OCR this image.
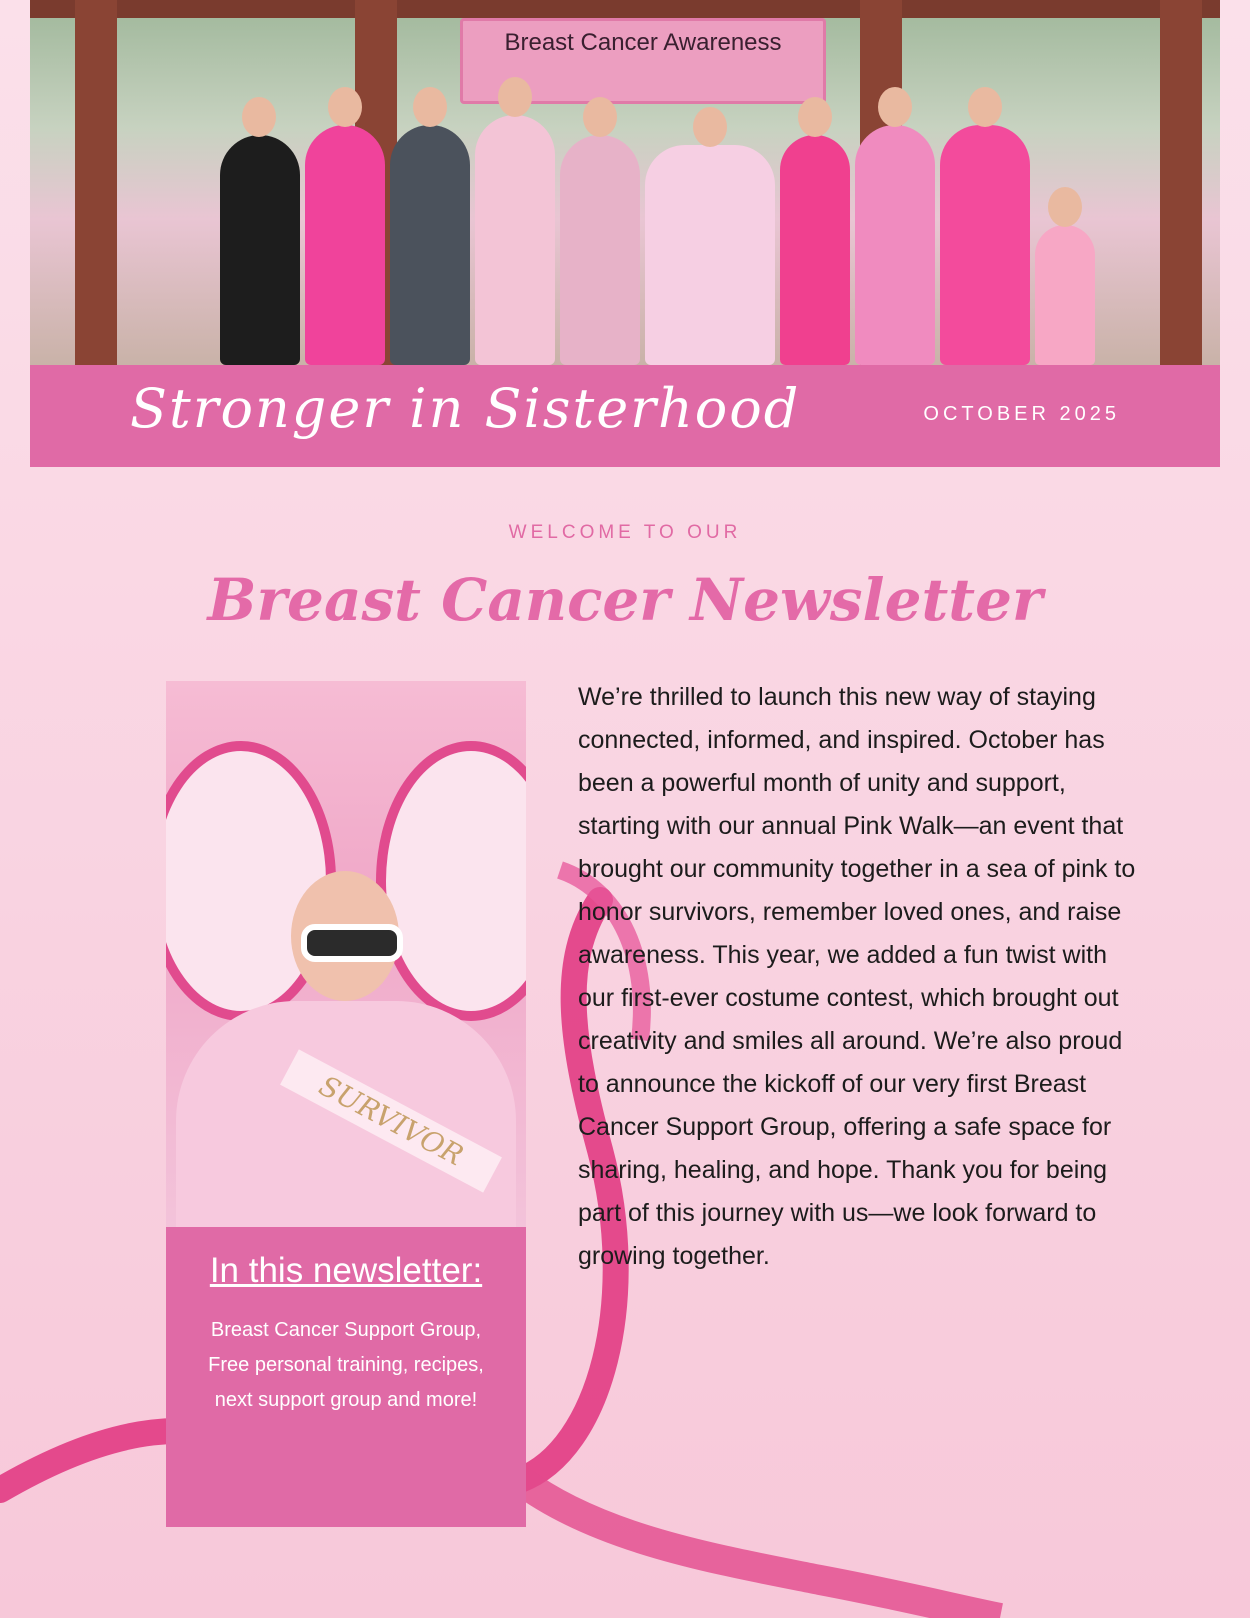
Breast Cancer Awareness
Stronger in Sisterhood	OCTOBER 2025
WELCOME TO OUR
Breast Cancer Newsletter
SURVIVOR
In this newsletter:
Breast Cancer Support Group, Free personal training, recipes, next support group and more!
We’re thrilled to launch this new way of staying connected, informed, and inspired. October has been a powerful month of unity and support, starting with our annual Pink Walk—an event that brought our community together in a sea of pink to honor survivors, remember loved ones, and raise awareness. This year, we added a fun twist with our first-ever costume contest, which brought out creativity and smiles all around. We’re also proud to announce the kickoff of our very first Breast Cancer Support Group, offering a safe space for sharing, healing, and hope. Thank you for being part of this journey with us—we look forward to growing together.
